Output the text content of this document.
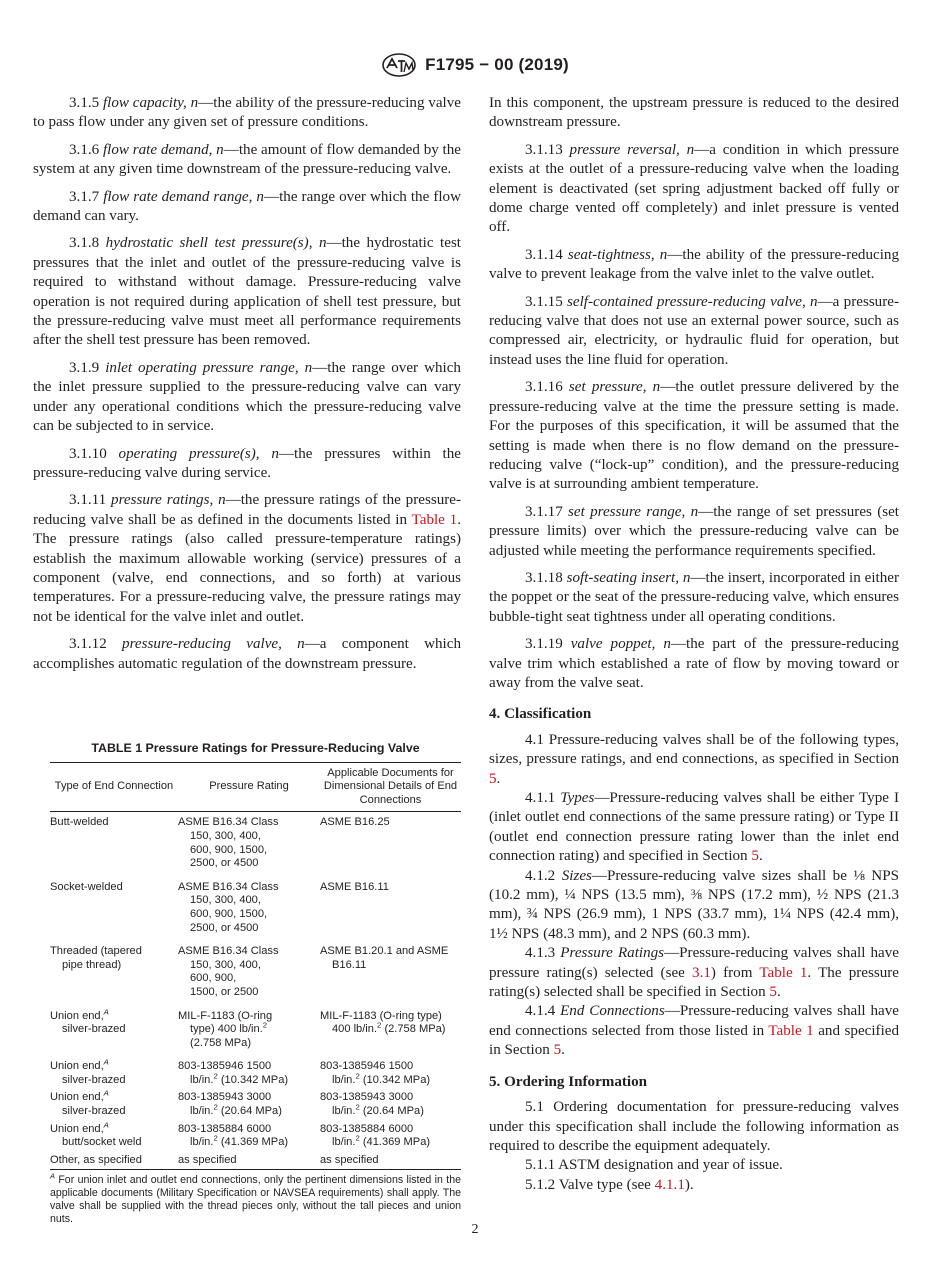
F1795 − 00 (2019)

3.1.5 flow capacity, n—the ability of the pressure-reducing valve to pass flow under any given set of pressure conditions.

3.1.6 flow rate demand, n—the amount of flow demanded by the system at any given time downstream of the pressure-reducing valve.

3.1.7 flow rate demand range, n—the range over which the flow demand can vary.

3.1.8 hydrostatic shell test pressure(s), n—the hydrostatic test pressures that the inlet and outlet of the pressure-reducing valve is required to withstand without damage. Pressure-reducing valve operation is not required during application of shell test pressure, but the pressure-reducing valve must meet all performance requirements after the shell test pressure has been removed.

3.1.9 inlet operating pressure range, n—the range over which the inlet pressure supplied to the pressure-reducing valve can vary under any operational conditions which the pressure-reducing valve can be subjected to in service.

3.1.10 operating pressure(s), n—the pressures within the pressure-reducing valve during service.

3.1.11 pressure ratings, n—the pressure ratings of the pressure-reducing valve shall be as defined in the documents listed in Table 1. The pressure ratings (also called pressure-temperature ratings) establish the maximum allowable working (service) pressures of a component (valve, end connections, and so forth) at various temperatures. For a pressure-reducing valve, the pressure ratings may not be identical for the valve inlet and outlet.

3.1.12 pressure-reducing valve, n—a component which accomplishes automatic regulation of the downstream pressure.

TABLE 1 Pressure Ratings for Pressure-Reducing Valve
Type of End Connection	Pressure Rating	Applicable Documents for Dimensional Details of End Connections

Butt-welded	ASME B16.34 Class
150, 300, 400,
600, 900, 1500,
2500, or 4500	ASME B16.25

Socket-welded	ASME B16.34 Class
150, 300, 400,
600, 900, 1500,
2500, or 4500	ASME B16.11

Threaded (tapered
pipe thread)	ASME B16.34 Class
150, 300, 400,
600, 900,
1500, or 2500	ASME B1.20.1 and ASME
B16.11

Union end,$^A$
silver-brazed	MIL-F-1183 (O-ring
type) 400 lb/in.$^2$
(2.758 MPa)	MIL-F-1183 (O-ring type)
400 lb/in.$^2$ (2.758 MPa)

Union end,$^A$
silver-brazed	803-1385946 1500
lb/in.$^2$ (10.342 MPa)	803-1385946 1500
lb/in.$^2$ (10.342 MPa)

Union end,$^A$
silver-brazed	803-1385943 3000
lb/in.$^2$ (20.64 MPa)	803-1385943 3000
lb/in.$^2$ (20.64 MPa)

Union end,$^A$
butt/socket weld	803-1385884 6000
lb/in.$^2$ (41.369 MPa)	803-1385884 6000
lb/in.$^2$ (41.369 MPa)

Other, as specified	as specified	as specified
$^A$ For union inlet and outlet end connections, only the pertinent dimensions listed in the applicable documents (Military Specification or NAVSEA requirements) shall apply. The valve shall be supplied with the thread pieces only, without the tall pieces and union nuts.

In this component, the upstream pressure is reduced to the desired downstream pressure.

3.1.13 pressure reversal, n—a condition in which pressure exists at the outlet of a pressure-reducing valve when the loading element is deactivated (set spring adjustment backed off fully or dome charge vented off completely) and inlet pressure is vented off.

3.1.14 seat-tightness, n—the ability of the pressure-reducing valve to prevent leakage from the valve inlet to the valve outlet.

3.1.15 self-contained pressure-reducing valve, n—a pressure-reducing valve that does not use an external power source, such as compressed air, electricity, or hydraulic fluid for operation, but instead uses the line fluid for operation.

3.1.16 set pressure, n—the outlet pressure delivered by the pressure-reducing valve at the time the pressure setting is made. For the purposes of this specification, it will be assumed that the setting is made when there is no flow demand on the pressure-reducing valve (“lock-up” condition), and the pressure-reducing valve is at surrounding ambient temperature.

3.1.17 set pressure range, n—the range of set pressures (set pressure limits) over which the pressure-reducing valve can be adjusted while meeting the performance requirements specified.

3.1.18 soft-seating insert, n—the insert, incorporated in either the poppet or the seat of the pressure-reducing valve, which ensures bubble-tight seat tightness under all operating conditions.

3.1.19 valve poppet, n—the part of the pressure-reducing valve trim which established a rate of flow by moving toward or away from the valve seat.

4. Classification

4.1 Pressure-reducing valves shall be of the following types, sizes, pressure ratings, and end connections, as specified in Section 5.

4.1.1 Types—Pressure-reducing valves shall be either Type I (inlet outlet end connections of the same pressure rating) or Type II (outlet end connection pressure rating lower than the inlet end connection rating) and specified in Section 5.

4.1.2 Sizes—Pressure-reducing valve sizes shall be ⅛ NPS (10.2 mm), ¼ NPS (13.5 mm), ⅜ NPS (17.2 mm), ½ NPS (21.3 mm), ¾ NPS (26.9 mm), 1 NPS (33.7 mm), 1¼ NPS (42.4 mm), 1½ NPS (48.3 mm), and 2 NPS (60.3 mm).

4.1.3 Pressure Ratings—Pressure-reducing valves shall have pressure rating(s) selected (see 3.1) from Table 1. The pressure rating(s) selected shall be specified in Section 5.

4.1.4 End Connections—Pressure-reducing valves shall have end connections selected from those listed in Table 1 and specified in Section 5.

5. Ordering Information

5.1 Ordering documentation for pressure-reducing valves under this specification shall include the following information as required to describe the equipment adequately.

5.1.1 ASTM designation and year of issue.

5.1.2 Valve type (see 4.1.1).

2
